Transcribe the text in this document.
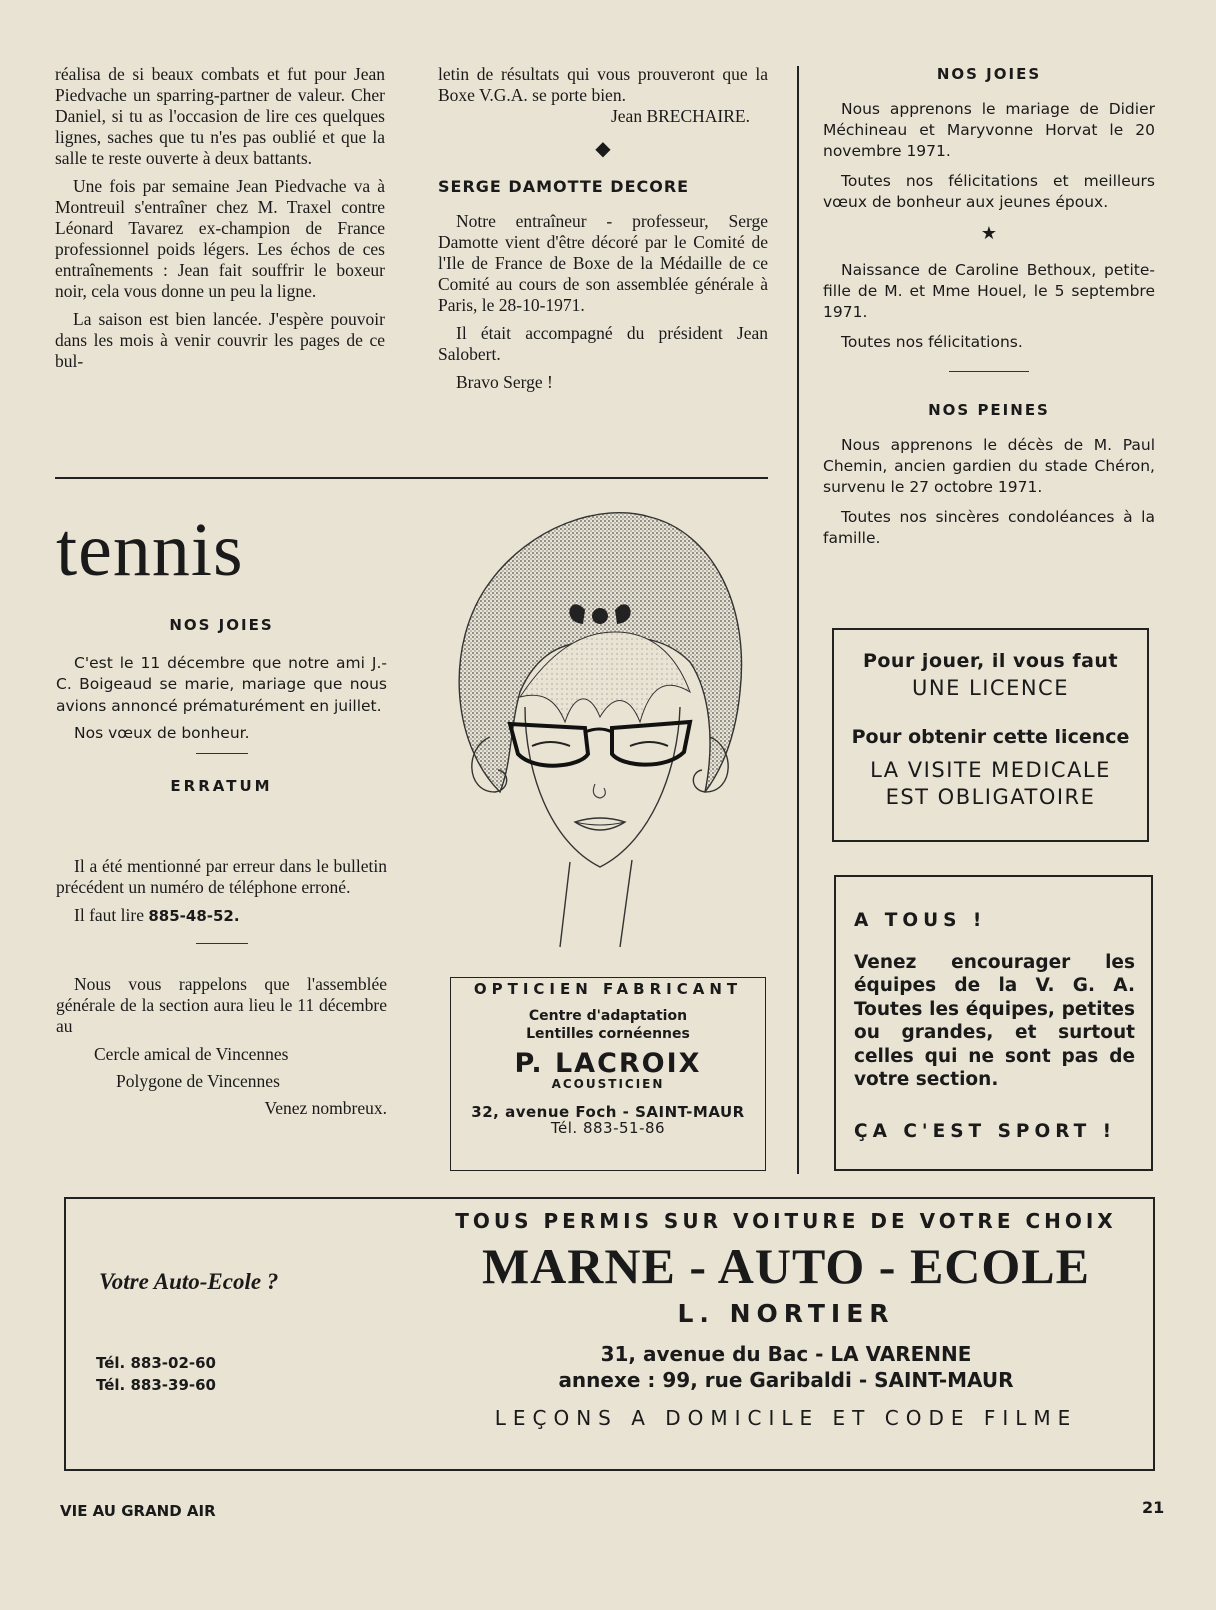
réalisa de si beaux combats et fut pour Jean Piedvache un sparring-partner de valeur. Cher Daniel, si tu as l'occasion de lire ces quelques lignes, saches que tu n'es pas oublié et que la salle te reste ouverte à deux battants.

Une fois par semaine Jean Piedvache va à Montreuil s'entraîner chez M. Traxel contre Léonard Tavarez ex-champion de France professionnel poids légers. Les échos de ces entraînements : Jean fait souffrir le boxeur noir, cela vous donne un peu la ligne.

La saison est bien lancée. J'espère pouvoir dans les mois à venir couvrir les pages de ce bul-

letin de résultats qui vous prouveront que la Boxe V.G.A. se porte bien.

Jean BRECHAIRE.

◆

SERGE DAMOTTE DECORE

Notre entraîneur - professeur, Serge Damotte vient d'être décoré par le Comité de l'Ile de France de Boxe de la Médaille de ce Comité au cours de son assemblée générale à Paris, le 28-10-1971.

Il était accompagné du président Jean Salobert.

Bravo Serge !

NOS JOIES

Nous apprenons le mariage de Didier Méchineau et Maryvonne Horvat le 20 novembre 1971.

Toutes nos félicitations et meilleurs vœux de bonheur aux jeunes époux.

★

Naissance de Caroline Bethoux, petite-fille de M. et Mme Houel, le 5 septembre 1971.

Toutes nos félicitations.

NOS PEINES

Nous apprenons le décès de M. Paul Chemin, ancien gardien du stade Chéron, survenu le 27 octobre 1971.

Toutes nos sincères condoléances à la famille.

Pour jouer, il vous faut

UNE LICENCE

Pour obtenir cette licence

LA VISITE MEDICALE

EST OBLIGATOIRE

A TOUS !

Venez encourager les équipes de la V. G. A. Toutes les équipes, petites ou grandes, et surtout celles qui ne sont pas de votre section.

ÇA C'EST SPORT !

tennis

NOS JOIES

C'est le 11 décembre que notre ami J.-C. Boigeaud se marie, mariage que nous avions annoncé prématurément en juillet.

Nos vœux de bonheur.

ERRATUM

Il a été mentionné par erreur dans le bulletin précédent un numéro de téléphone erroné.

Il faut lire 885-48-52.

Nous vous rappelons que l'assemblée générale de la section aura lieu le 11 décembre au

Cercle amical de Vincennes

Polygone de Vincennes

Venez nombreux.

OPTICIEN FABRICANT

Centre d'adaptation

Lentilles cornéennes

P. LACROIX

ACOUSTICIEN

32, avenue Foch - SAINT-MAUR

Tél. 883-51-86

Votre Auto-Ecole ?

Tél. 883-02-60

Tél. 883-39-60

TOUS PERMIS SUR VOITURE DE VOTRE CHOIX

MARNE - AUTO - ECOLE

L. NORTIER

31, avenue du Bac - LA VARENNE

annexe : 99, rue Garibaldi - SAINT-MAUR

LEÇONS A DOMICILE ET CODE FILME

VIE AU GRAND AIR	21
